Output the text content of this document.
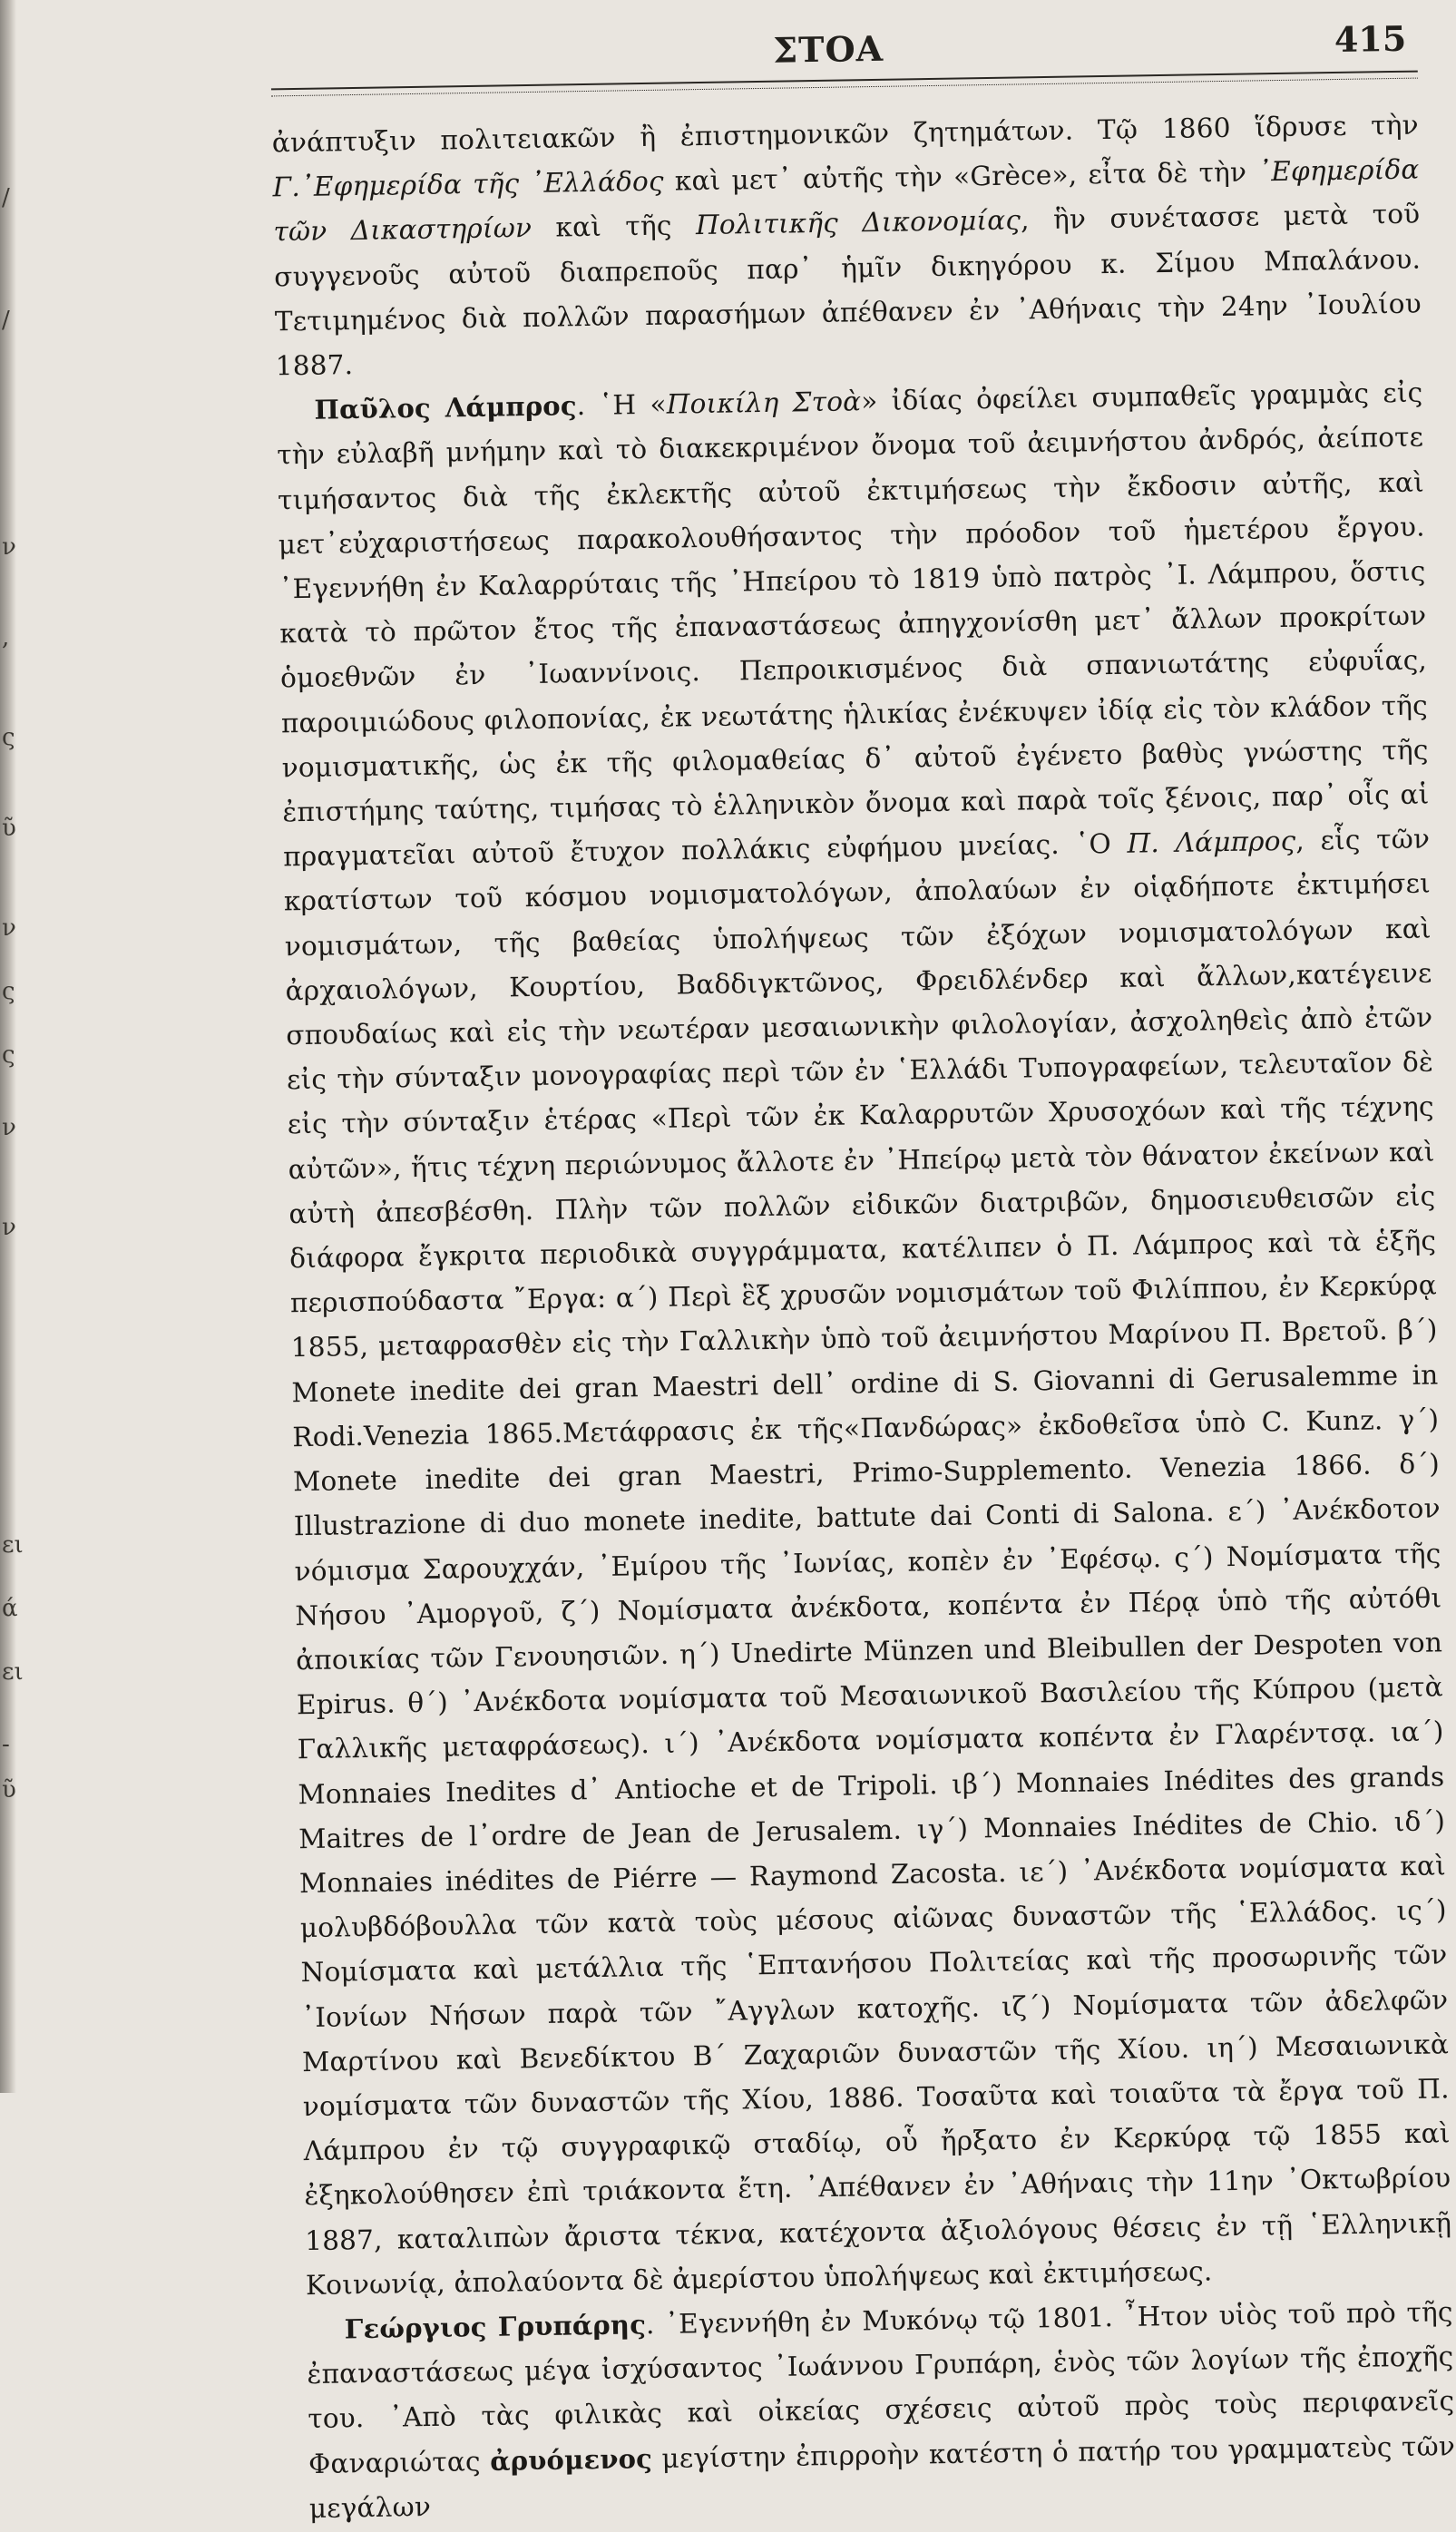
/
/
ν
,
ς
ῦ
ν
ς
ς
ν
ν
ει
ά
ει
-
ῦ
ΣΤΟΑ	415

ἀνάπτυξιν πολιτειακῶν ἢ ἐπιστημονικῶν ζητημάτων. Τῷ 1860 ἵδρυσε τὴν Γ.᾿Εφημερίδα τῆς ᾿Ελλάδος καὶ μετ᾿ αὐτῆς τὴν «Grèce», εἶτα δὲ τὴν ᾿Εφημερίδα τῶν Δικαστηρίων καὶ τῆς Πολιτικῆς Δικονομίας, ἣν συνέτασσε μετὰ τοῦ συγγενοῦς αὐτοῦ διαπρεποῦς παρ᾿ ἡμῖν δικηγόρου κ. Σίμου Μπαλάνου. Τετιμημένος διὰ πολλῶν παρασήμων ἀπέθανεν ἐν ᾿Αθήναις τὴν 24ην ᾿Ιουλίου 1887.

Παῦλος Λάμπρος. ῾Η «Ποικίλη Στοὰ» ἰδίας ὀφείλει συμπαθεῖς γραμμὰς εἰς τὴν εὐλαβῆ μνήμην καὶ τὸ διακεκριμένον ὄνομα τοῦ ἀειμνήστου ἀνδρός, ἀείποτε τιμήσαντος διὰ τῆς ἐκλεκτῆς αὐτοῦ ἐκτιμήσεως τὴν ἔκδοσιν αὐτῆς, καὶ μετ᾿εὐχαριστήσεως παρακολουθήσαντος τὴν πρόοδον τοῦ ἡμετέρου ἔργου. ᾿Εγεννήθη ἐν Καλαρρύταις τῆς ᾿Ηπείρου τὸ 1819 ὑπὸ πατρὸς ᾿Ι. Λάμπρου, ὅστις κατὰ τὸ πρῶτον ἔτος τῆς ἐπαναστάσεως ἀπηγχονίσθη μετ᾿ ἄλλων προκρίτων ὁμοεθνῶν ἐν ᾿Ιωαννίνοις. Πεπροικισμένος διὰ σπανιωτάτης εὐφυΐας, παροιμιώδους φιλοπονίας, ἐκ νεωτάτης ἡλικίας ἐνέκυψεν ἰδίᾳ εἰς τὸν κλάδον τῆς νομισματικῆς, ὡς ἐκ τῆς φιλομαθείας δ᾿ αὐτοῦ ἐγένετο βαθὺς γνώστης τῆς ἐπιστήμης ταύτης, τιμήσας τὸ ἑλληνικὸν ὄνομα καὶ παρὰ τοῖς ξένοις, παρ᾿ οἷς αἱ πραγματεῖαι αὐτοῦ ἔτυχον πολλάκις εὐφήμου μνείας. ῾Ο Π. Λάμπρος, εἷς τῶν κρατίστων τοῦ κόσμου νομισματολόγων, ἀπολαύων ἐν οἱᾳδήποτε ἐκτιμήσει νομισμάτων, τῆς βαθείας ὑπολήψεως τῶν ἐξόχων νομισματολόγων καὶ ἀρχαιολόγων, Κουρτίου, Βαδδιγκτῶνος, Φρειδλένδερ καὶ ἄλλων,κατέγεινε σπουδαίως καὶ εἰς τὴν νεωτέραν μεσαιωνικὴν φιλολογίαν, ἀσχοληθεὶς ἀπὸ ἐτῶν εἰς τὴν σύνταξιν μονογραφίας περὶ τῶν ἐν ῾Ελλάδι Τυπογραφείων, τελευταῖον δὲ εἰς τὴν σύνταξιν ἑτέρας «Περὶ τῶν ἐκ Καλαρρυτῶν Χρυσοχόων καὶ τῆς τέχνης αὐτῶν», ἥτις τέχνη περιώνυμος ἄλλοτε ἐν ᾿Ηπείρῳ μετὰ τὸν θάνατον ἐκείνων καὶ αὐτὴ ἀπεσβέσθη. Πλὴν τῶν πολλῶν εἰδικῶν διατριβῶν, δημοσιευθεισῶν εἰς διάφορα ἔγκριτα περιοδικὰ συγγράμματα, κατέλιπεν ὁ Π. Λάμπρος καὶ τὰ ἑξῆς περισπούδαστα ῎Εργα: α΄) Περὶ ἓξ χρυσῶν νομισμάτων τοῦ Φιλίππου, ἐν Κερκύρᾳ 1855, μεταφρασθὲν εἰς τὴν Γαλλικὴν ὑπὸ τοῦ ἀειμνήστου Μαρίνου Π. Βρετοῦ. β΄) Monete inedite dei gran Maestri dell᾿ ordine di S. Giovanni di Gerusalemme in Rodi.Venezia 1865.Μετάφρασις ἐκ τῆς«Πανδώρας» ἐκδοθεῖσα ὑπὸ C. Kunz. γ΄) Monete inedite dei gran Maestri, Primo-Supplemento. Venezia 1866. δ΄) Illustrazione di duo monete inedite, battute dai Conti di Salona. ε΄) ᾿Ανέκδοτον νόμισμα Σαρουχχάν, ᾿Εμίρου τῆς ᾿Ιωνίας, κοπὲν ἐν ᾿Εφέσῳ. ς΄) Νομίσματα τῆς Νήσου ᾿Αμοργοῦ, ζ΄) Νομίσματα ἀνέκδοτα, κοπέντα ἐν Πέρᾳ ὑπὸ τῆς αὐτόθι ἀποικίας τῶν Γενουησιῶν. η΄) Unedirte Münzen und Bleibullen der Despoten von Epirus. θ΄) ᾿Ανέκδοτα νομίσματα τοῦ Μεσαιωνικοῦ Βασιλείου τῆς Κύπρου (μετὰ Γαλλικῆς μεταφράσεως). ι΄) ᾿Ανέκδοτα νομίσματα κοπέντα ἐν Γλαρέντσᾳ. ια΄) Monnaies Inedites d᾿ Antioche et de Tripoli. ιβ΄) Monnaies Inédites des grands Maitres de l᾿ordre de Jean de Jerusalem. ιγ΄) Monnaies Inédites de Chio. ιδ΄) Monnaies inédites de Piérre — Raymond Zacosta. ιε΄) ᾿Ανέκδοτα νομίσματα καὶ μολυβδόβουλλα τῶν κατὰ τοὺς μέσους αἰῶνας δυναστῶν τῆς ῾Ελλάδος. ις΄) Νομίσματα καὶ μετάλλια τῆς ῾Επτανήσου Πολιτείας καὶ τῆς προσωρινῆς τῶν ᾿Ιονίων Νήσων παρὰ τῶν ῎Αγγλων κατοχῆς. ιζ΄) Νομίσματα τῶν ἀδελφῶν Μαρτίνου καὶ Βενεδίκτου Β΄ Ζαχαριῶν δυναστῶν τῆς Χίου. ιη΄) Μεσαιωνικὰ νομίσματα τῶν δυναστῶν τῆς Χίου, 1886. Τοσαῦτα καὶ τοιαῦτα τὰ ἔργα τοῦ Π. Λάμπρου ἐν τῷ συγγραφικῷ σταδίῳ, οὗ ἤρξατο ἐν Κερκύρᾳ τῷ 1855 καὶ ἐξηκολούθησεν ἐπὶ τριάκοντα ἔτη. ᾿Απέθανεν ἐν ᾿Αθήναις τὴν 11ην ᾿Οκτωβρίου 1887, καταλιπὼν ἄριστα τέκνα, κατέχοντα ἀξιολόγους θέσεις ἐν τῇ ῾Ελληνικῇ Κοινωνίᾳ, ἀπολαύοντα δὲ ἀμερίστου ὑπολήψεως καὶ ἐκτιμήσεως.

Γεώργιος Γρυπάρης. ᾿Εγεννήθη ἐν Μυκόνῳ τῷ 1801. ῏Ητον υἱὸς τοῦ πρὸ τῆς ἐπαναστάσεως μέγα ἰσχύσαντος ᾿Ιωάννου Γρυπάρη, ἑνὸς τῶν λογίων τῆς ἐποχῆς του. ᾿Απὸ τὰς φιλικὰς καὶ οἰκείας σχέσεις αὐτοῦ πρὸς τοὺς περιφανεῖς Φαναριώτας ἀρυόμενος μεγίστην ἐπιρροὴν κατέστη ὁ πατήρ του γραμματεὺς τῶν μεγάλων
